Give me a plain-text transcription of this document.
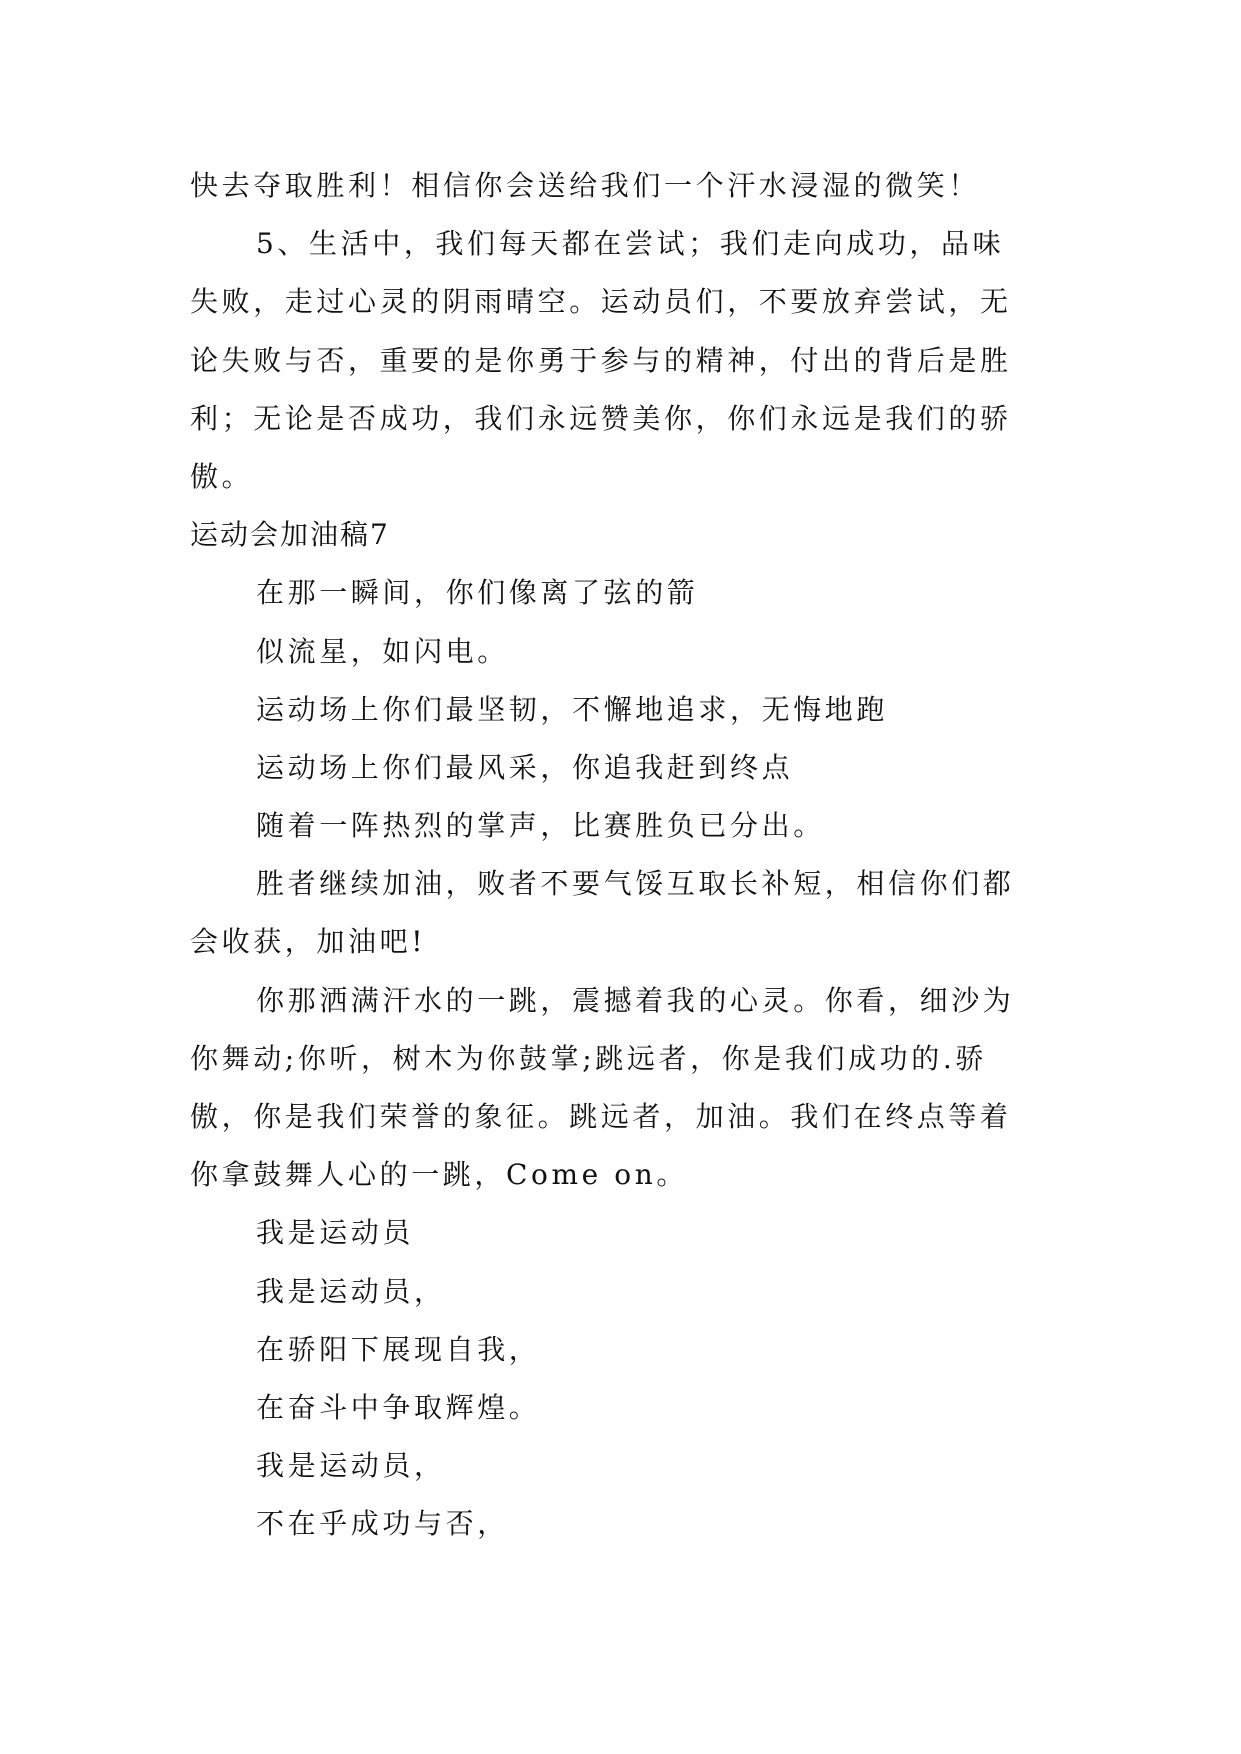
快去夺取胜利！相信你会送给我们一个汗水浸湿的微笑！
5、生活中，我们每天都在尝试；我们走向成功，品味
失败，走过心灵的阴雨晴空。运动员们，不要放弃尝试，无
论失败与否，重要的是你勇于参与的精神，付出的背后是胜
利；无论是否成功，我们永远赞美你，你们永远是我们的骄
傲。
运动会加油稿7
在那一瞬间，你们像离了弦的箭
似流星，如闪电。
运动场上你们最坚韧，不懈地追求，无悔地跑
运动场上你们最风采，你追我赶到终点
随着一阵热烈的掌声，比赛胜负已分出。
胜者继续加油，败者不要气馁互取长补短，相信你们都
会收获，加油吧!
你那洒满汗水的一跳，震撼着我的心灵。你看，细沙为
你舞动;你听，树木为你鼓掌;跳远者，你是我们成功的.骄
傲，你是我们荣誉的象征。跳远者，加油。我们在终点等着
你拿鼓舞人心的一跳，Come on。
我是运动员
我是运动员，
在骄阳下展现自我，
在奋斗中争取辉煌。
我是运动员，
不在乎成功与否，
